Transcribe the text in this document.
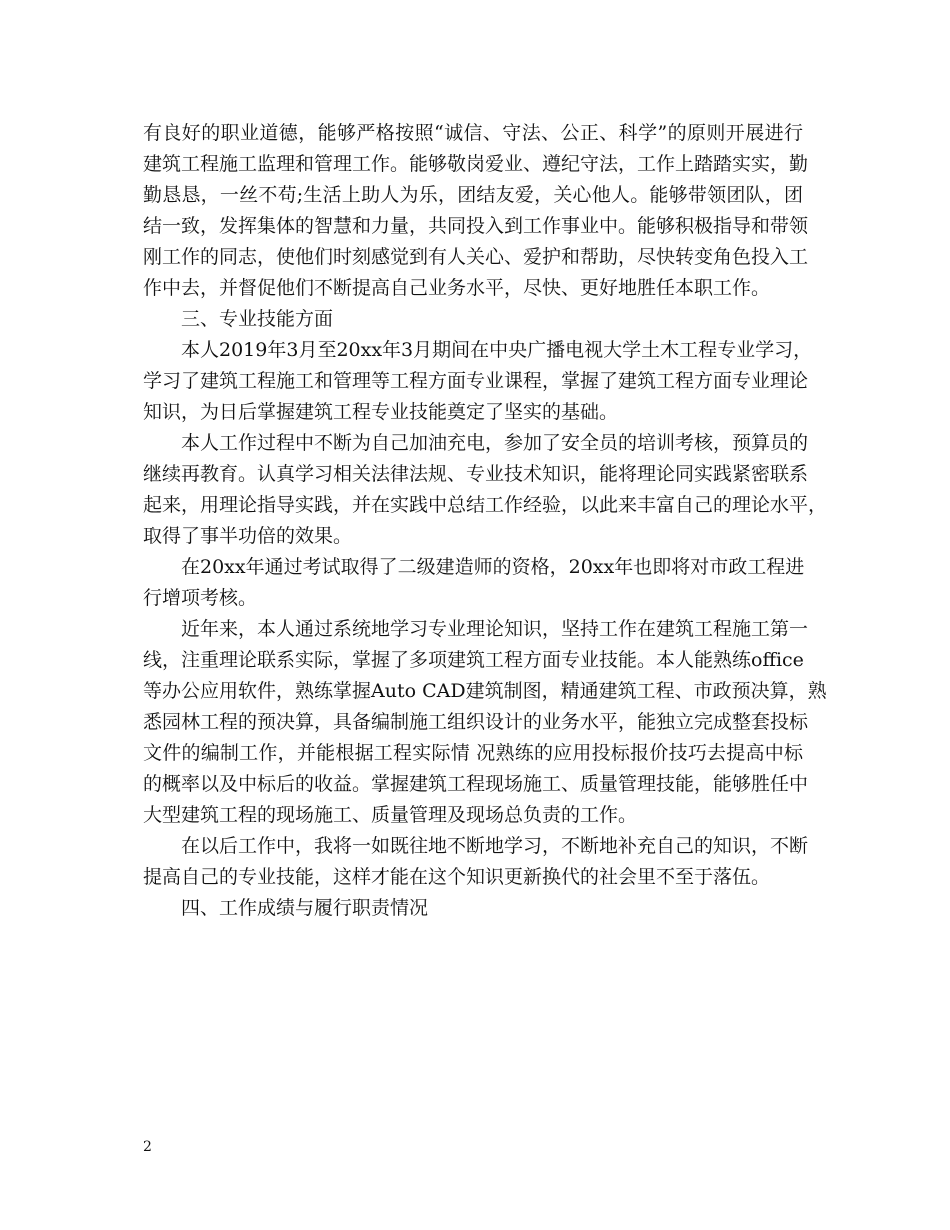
有良好的职业道德，能够严格按照“诚信、守法、公正、科学”的原则开展进行
建筑工程施工监理和管理工作。能够敬岗爱业、遵纪守法，工作上踏踏实实，勤
勤恳恳，一丝不苟;生活上助人为乐，团结友爱，关心他人。能够带领团队，团
结一致，发挥集体的智慧和力量，共同投入到工作事业中。能够积极指导和带领
刚工作的同志，使他们时刻感觉到有人关心、爱护和帮助，尽快转变角色投入工
作中去，并督促他们不断提高自己业务水平，尽快、更好地胜任本职工作。
三、专业技能方面
本人2019年3月至20xx年3月期间在中央广播电视大学土木工程专业学习，
学习了建筑工程施工和管理等工程方面专业课程，掌握了建筑工程方面专业理论
知识，为日后掌握建筑工程专业技能奠定了坚实的基础。
本人工作过程中不断为自己加油充电，参加了安全员的培训考核，预算员的
继续再教育。认真学习相关法律法规、专业技术知识，能将理论同实践紧密联系
起来，用理论指导实践，并在实践中总结工作经验，以此来丰富自己的理论水平，
取得了事半功倍的效果。
在20xx年通过考试取得了二级建造师的资格，20xx年也即将对市政工程进
行增项考核。
近年来，本人通过系统地学习专业理论知识，坚持工作在建筑工程施工第一
线，注重理论联系实际，掌握了多项建筑工程方面专业技能。本人能熟练office
等办公应用软件，熟练掌握Auto CAD建筑制图，精通建筑工程、市政预决算，熟
悉园林工程的预决算，具备编制施工组织设计的业务水平，能独立完成整套投标
文件的编制工作，并能根据工程实际情 况熟练的应用投标报价技巧去提高中标
的概率以及中标后的收益。掌握建筑工程现场施工、质量管理技能，能够胜任中
大型建筑工程的现场施工、质量管理及现场总负责的工作。
在以后工作中，我将一如既往地不断地学习，不断地补充自己的知识，不断
提高自己的专业技能，这样才能在这个知识更新换代的社会里不至于落伍。
四、工作成绩与履行职责情况
2
